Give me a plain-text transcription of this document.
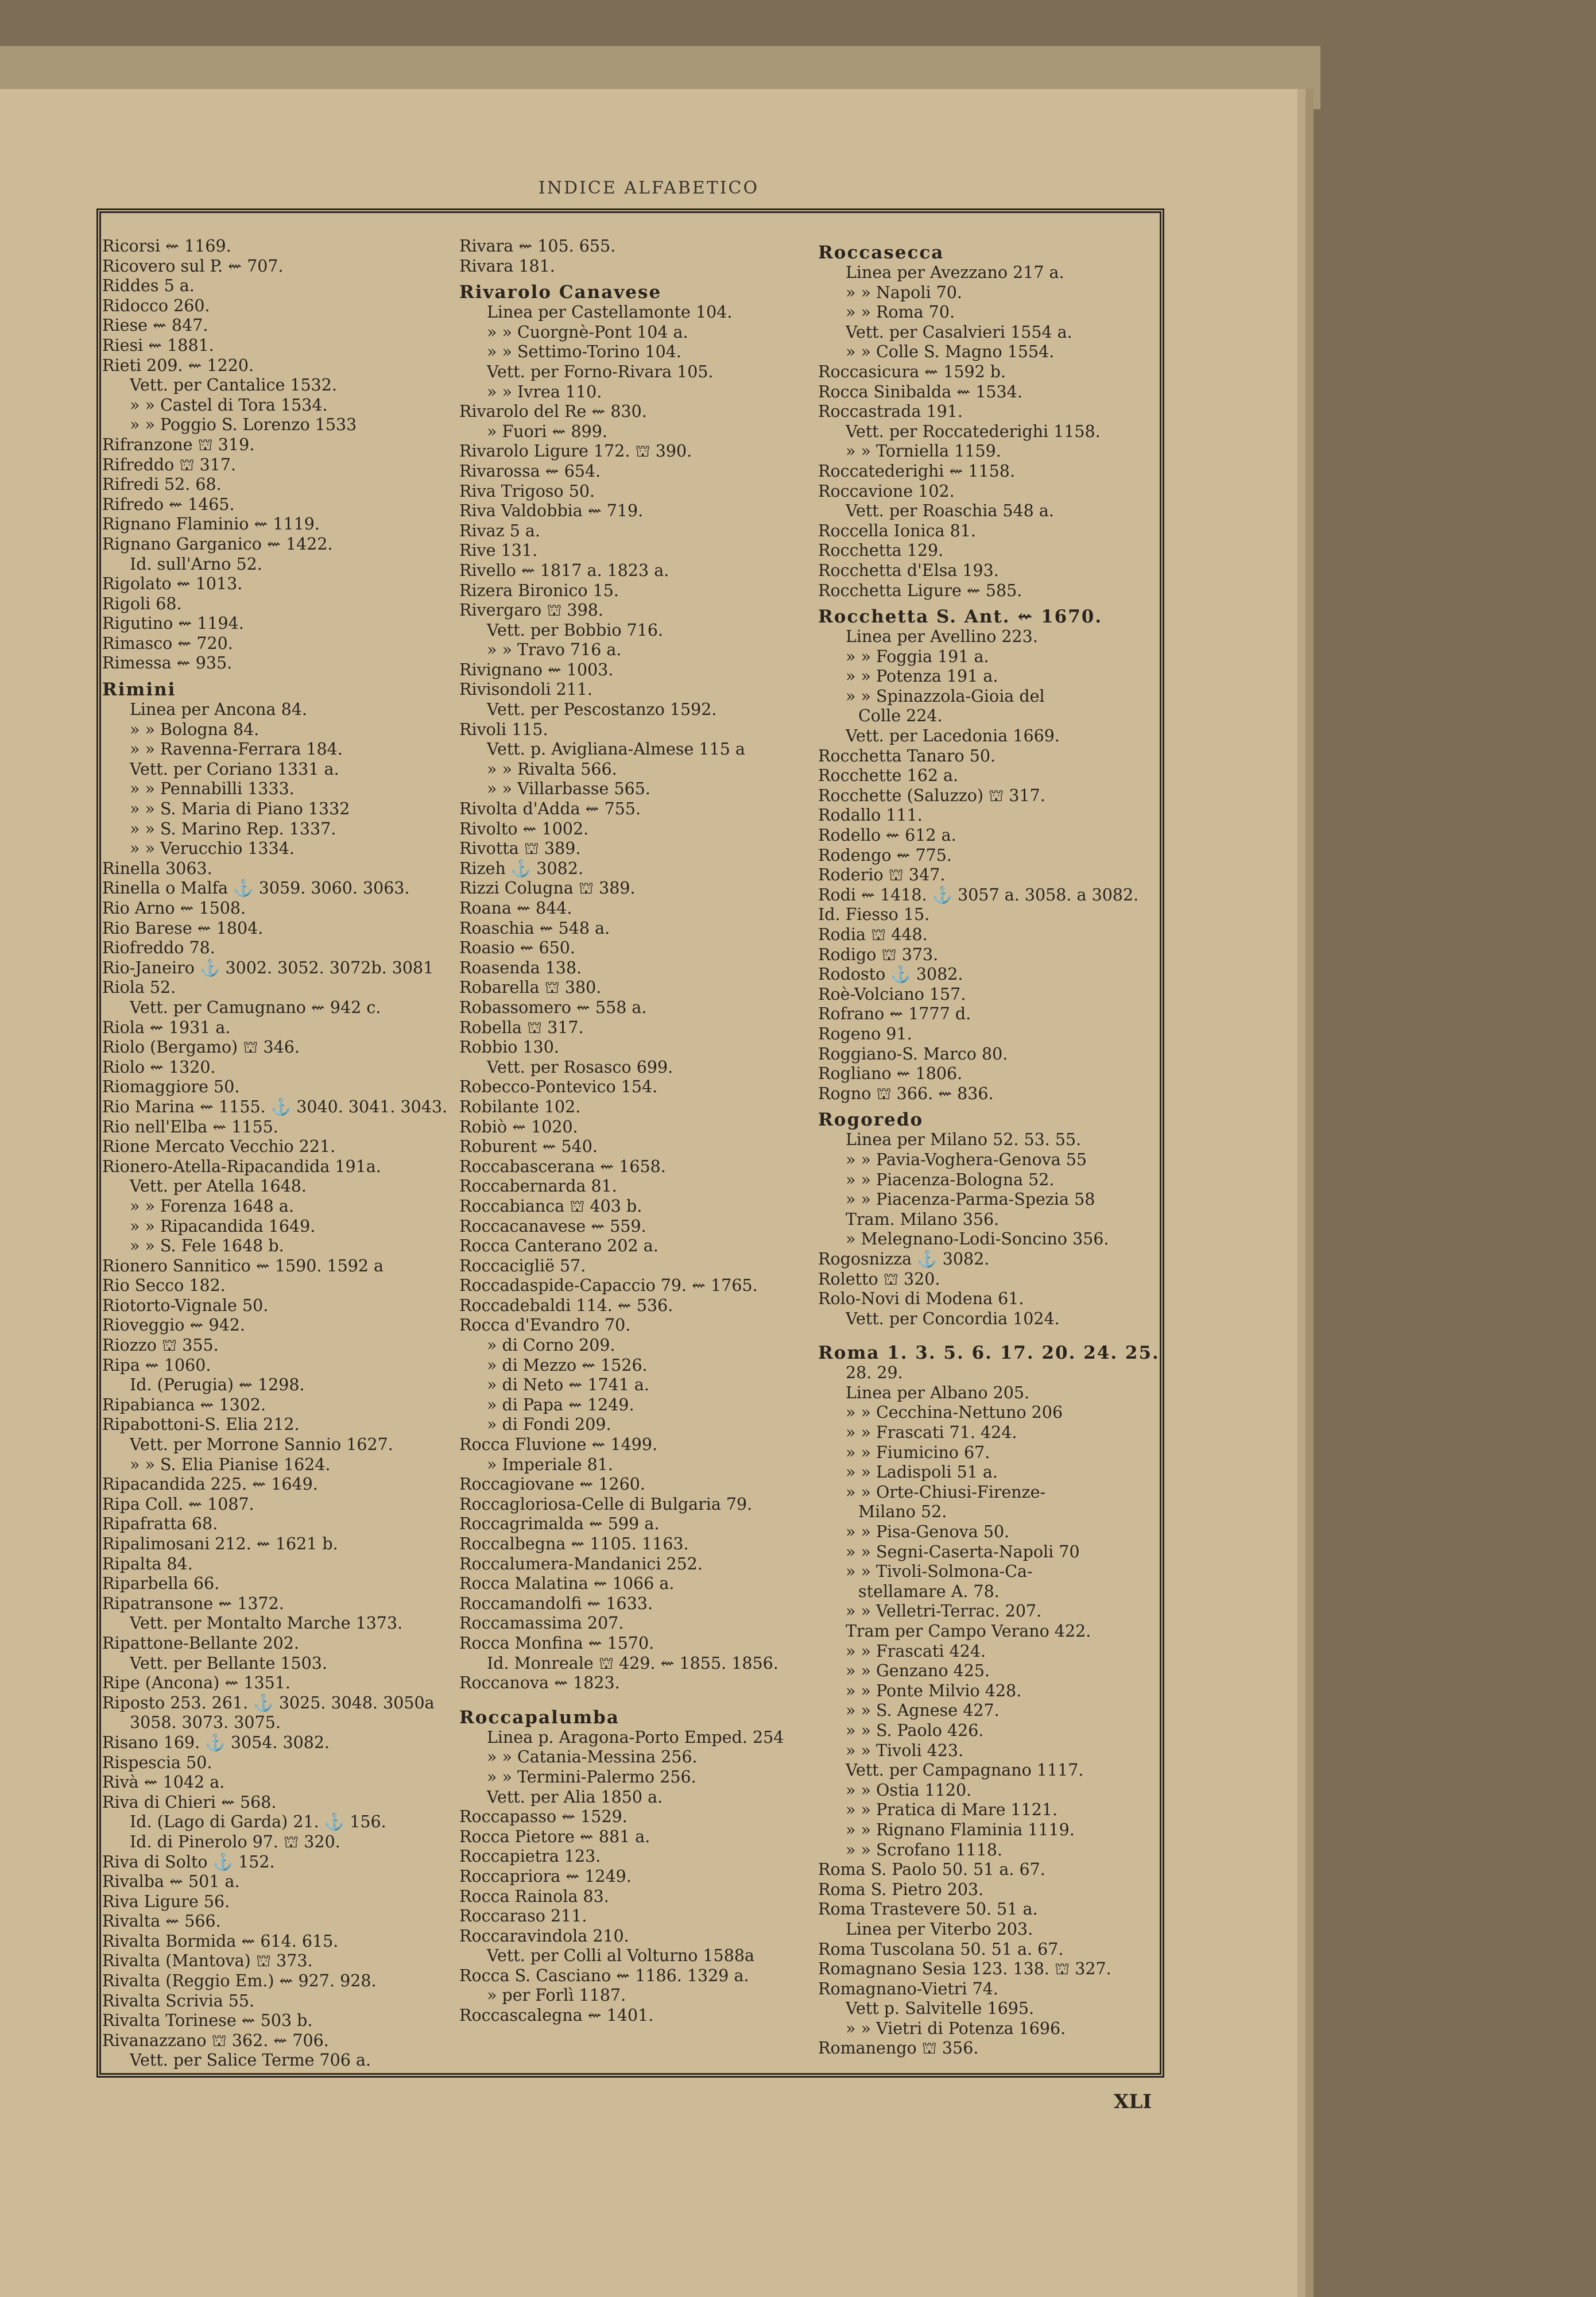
INDICE ALFABETICO
Ricorsi ⇜ 1169.
Ricovero sul P. ⇜ 707.
Riddes 5 a.
Ridocco 260.
Riese ⇜ 847.
Riesi ⇜ 1881.
Rieti 209. ⇜ 1220.
Vett. per Cantalice 1532.
» » Castel di Tora 1534.
» » Poggio S. Lorenzo 1533
Rifranzone ⛫ 319.
Rifreddo ⛫ 317.
Rifredi 52. 68.
Rifredo ⇜ 1465.
Rignano Flaminio ⇜ 1119.
Rignano Garganico ⇜ 1422.
Id. sull'Arno 52.
Rigolato ⇜ 1013.
Rigoli 68.
Rigutino ⇜ 1194.
Rimasco ⇜ 720.
Rimessa ⇜ 935.
Rimini
Linea per Ancona 84.
» » Bologna 84.
» » Ravenna-Ferrara 184.
Vett. per Coriano 1331 a.
» » Pennabilli 1333.
» » S. Maria di Piano 1332
» » S. Marino Rep. 1337.
» » Verucchio 1334.
Rinella 3063.
Rinella o Malfa ⚓ 3059. 3060. 3063.
Rio Arno ⇜ 1508.
Rio Barese ⇜ 1804.
Riofreddo 78.
Rio-Janeiro ⚓ 3002. 3052. 3072b. 3081
Riola 52.
Vett. per Camugnano ⇜ 942 c.
Riola ⇜ 1931 a.
Riolo (Bergamo) ⛫ 346.
Riolo ⇜ 1320.
Riomaggiore 50.
Rio Marina ⇜ 1155. ⚓ 3040. 3041. 3043.
Rio nell'Elba ⇜ 1155.
Rione Mercato Vecchio 221.
Rionero-Atella-Ripacandida 191a.
Vett. per Atella 1648.
» » Forenza 1648 a.
» » Ripacandida 1649.
» » S. Fele 1648 b.
Rionero Sannitico ⇜ 1590. 1592 a
Rio Secco 182.
Riotorto-Vignale 50.
Rioveggio ⇜ 942.
Riozzo ⛫ 355.
Ripa ⇜ 1060.
Id. (Perugia) ⇜ 1298.
Ripabianca ⇜ 1302.
Ripabottoni-S. Elia 212.
Vett. per Morrone Sannio 1627.
» » S. Elia Pianise 1624.
Ripacandida 225. ⇜ 1649.
Ripa Coll. ⇜ 1087.
Ripafratta 68.
Ripalimosani 212. ⇜ 1621 b.
Ripalta 84.
Riparbella 66.
Ripatransone ⇜ 1372.
Vett. per Montalto Marche 1373.
Ripattone-Bellante 202.
Vett. per Bellante 1503.
Ripe (Ancona) ⇜ 1351.
Riposto 253. 261. ⚓ 3025. 3048. 3050a
3058. 3073. 3075.
Risano 169. ⚓ 3054. 3082.
Rispescia 50.
Rivà ⇜ 1042 a.
Riva di Chieri ⇜ 568.
Id. (Lago di Garda) 21. ⚓ 156.
Id. di Pinerolo 97. ⛫ 320.
Riva di Solto ⚓ 152.
Rivalba ⇜ 501 a.
Riva Ligure 56.
Rivalta ⇜ 566.
Rivalta Bormida ⇜ 614. 615.
Rivalta (Mantova) ⛫ 373.
Rivalta (Reggio Em.) ⇜ 927. 928.
Rivalta Scrivia 55.
Rivalta Torinese ⇜ 503 b.
Rivanazzano ⛫ 362. ⇜ 706.
Vett. per Salice Terme 706 a.
Rivara ⇜ 105. 655.
Rivara 181.
Rivarolo Canavese
Linea per Castellamonte 104.
» » Cuorgnè-Pont 104 a.
» » Settimo-Torino 104.
Vett. per Forno-Rivara 105.
» » Ivrea 110.
Rivarolo del Re ⇜ 830.
» Fuori ⇜ 899.
Rivarolo Ligure 172. ⛫ 390.
Rivarossa ⇜ 654.
Riva Trigoso 50.
Riva Valdobbia ⇜ 719.
Rivaz 5 a.
Rive 131.
Rivello ⇜ 1817 a. 1823 a.
Rizera Bironico 15.
Rivergaro ⛫ 398.
Vett. per Bobbio 716.
» » Travo 716 a.
Rivignano ⇜ 1003.
Rivisondoli 211.
Vett. per Pescostanzo 1592.
Rivoli 115.
Vett. p. Avigliana-Almese 115 a
» » Rivalta 566.
» » Villarbasse 565.
Rivolta d'Adda ⇜ 755.
Rivolto ⇜ 1002.
Rivotta ⛫ 389.
Rizeh ⚓ 3082.
Rizzi Colugna ⛫ 389.
Roana ⇜ 844.
Roaschia ⇜ 548 a.
Roasio ⇜ 650.
Roasenda 138.
Robarella ⛫ 380.
Robassomero ⇜ 558 a.
Robella ⛫ 317.
Robbio 130.
Vett. per Rosasco 699.
Robecco-Pontevico 154.
Robilante 102.
Robiò ⇜ 1020.
Roburent ⇜ 540.
Roccabascerana ⇜ 1658.
Roccabernarda 81.
Roccabianca ⛫ 403 b.
Roccacanavese ⇜ 559.
Rocca Canterano 202 a.
Roccaciglië 57.
Roccadaspide-Capaccio 79. ⇜ 1765.
Roccadebaldi 114. ⇜ 536.
Rocca d'Evandro 70.
» di Corno 209.
» di Mezzo ⇜ 1526.
» di Neto ⇜ 1741 a.
» di Papa ⇜ 1249.
» di Fondi 209.
Rocca Fluvione ⇜ 1499.
» Imperiale 81.
Roccagiovane ⇜ 1260.
Roccagloriosa-Celle di Bulgaria 79.
Roccagrimalda ⇜ 599 a.
Roccalbegna ⇜ 1105. 1163.
Roccalumera-Mandanici 252.
Rocca Malatina ⇜ 1066 a.
Roccamandolfi ⇜ 1633.
Roccamassima 207.
Rocca Monfina ⇜ 1570.
Id. Monreale ⛫ 429. ⇜ 1855. 1856.
Roccanova ⇜ 1823.
Roccapalumba
Linea p. Aragona-Porto Emped. 254
» » Catania-Messina 256.
» » Termini-Palermo 256.
Vett. per Alia 1850 a.
Roccapasso ⇜ 1529.
Rocca Pietore ⇜ 881 a.
Roccapietra 123.
Roccapriora ⇜ 1249.
Rocca Rainola 83.
Roccaraso 211.
Roccaravindola 210.
Vett. per Colli al Volturno 1588a
Rocca S. Casciano ⇜ 1186. 1329 a.
» per Forlì 1187.
Roccascalegna ⇜ 1401.
Roccasecca
Linea per Avezzano 217 a.
» » Napoli 70.
» » Roma 70.
Vett. per Casalvieri 1554 a.
» » Colle S. Magno 1554.
Roccasicura ⇜ 1592 b.
Rocca Sinibalda ⇜ 1534.
Roccastrada 191.
Vett. per Roccatederighi 1158.
» » Torniella 1159.
Roccatederighi ⇜ 1158.
Roccavione 102.
Vett. per Roaschia 548 a.
Roccella Ionica 81.
Rocchetta 129.
Rocchetta d'Elsa 193.
Rocchetta Ligure ⇜ 585.
Rocchetta S. Ant. ⇜ 1670.
Linea per Avellino 223.
» » Foggia 191 a.
» » Potenza 191 a.
» » Spinazzola-Gioia del
Colle 224.
Vett. per Lacedonia 1669.
Rocchetta Tanaro 50.
Rocchette 162 a.
Rocchette (Saluzzo) ⛫ 317.
Rodallo 111.
Rodello ⇜ 612 a.
Rodengo ⇜ 775.
Roderio ⛫ 347.
Rodi ⇜ 1418. ⚓ 3057 a. 3058. a 3082.
Id. Fiesso 15.
Rodia ⛫ 448.
Rodigo ⛫ 373.
Rodosto ⚓ 3082.
Roè-Volciano 157.
Rofrano ⇜ 1777 d.
Rogeno 91.
Roggiano-S. Marco 80.
Rogliano ⇜ 1806.
Rogno ⛫ 366. ⇜ 836.
Rogoredo
Linea per Milano 52. 53. 55.
» » Pavia-Voghera-Genova 55
» » Piacenza-Bologna 52.
» » Piacenza-Parma-Spezia 58
Tram. Milano 356.
» Melegnano-Lodi-Soncino 356.
Rogosnizza ⚓ 3082.
Roletto ⛫ 320.
Rolo-Novi di Modena 61.
Vett. per Concordia 1024.
Roma 1. 3. 5. 6. 17. 20. 24. 25.
28. 29.
Linea per Albano 205.
» » Cecchina-Nettuno 206
» » Frascati 71. 424.
» » Fiumicino 67.
» » Ladispoli 51 a.
» » Orte-Chiusi-Firenze-
Milano 52.
» » Pisa-Genova 50.
» » Segni-Caserta-Napoli 70
» » Tivoli-Solmona-Ca-
stellamare A. 78.
» » Velletri-Terrac. 207.
Tram per Campo Verano 422.
» » Frascati 424.
» » Genzano 425.
» » Ponte Milvio 428.
» » S. Agnese 427.
» » S. Paolo 426.
» » Tivoli 423.
Vett. per Campagnano 1117.
» » Ostia 1120.
» » Pratica di Mare 1121.
» » Rignano Flaminia 1119.
» » Scrofano 1118.
Roma S. Paolo 50. 51 a. 67.
Roma S. Pietro 203.
Roma Trastevere 50. 51 a.
Linea per Viterbo 203.
Roma Tuscolana 50. 51 a. 67.
Romagnano Sesia 123. 138. ⛫ 327.
Romagnano-Vietri 74.
Vett p. Salvitelle 1695.
» » Vietri di Potenza 1696.
Romanengo ⛫ 356.
XLI
